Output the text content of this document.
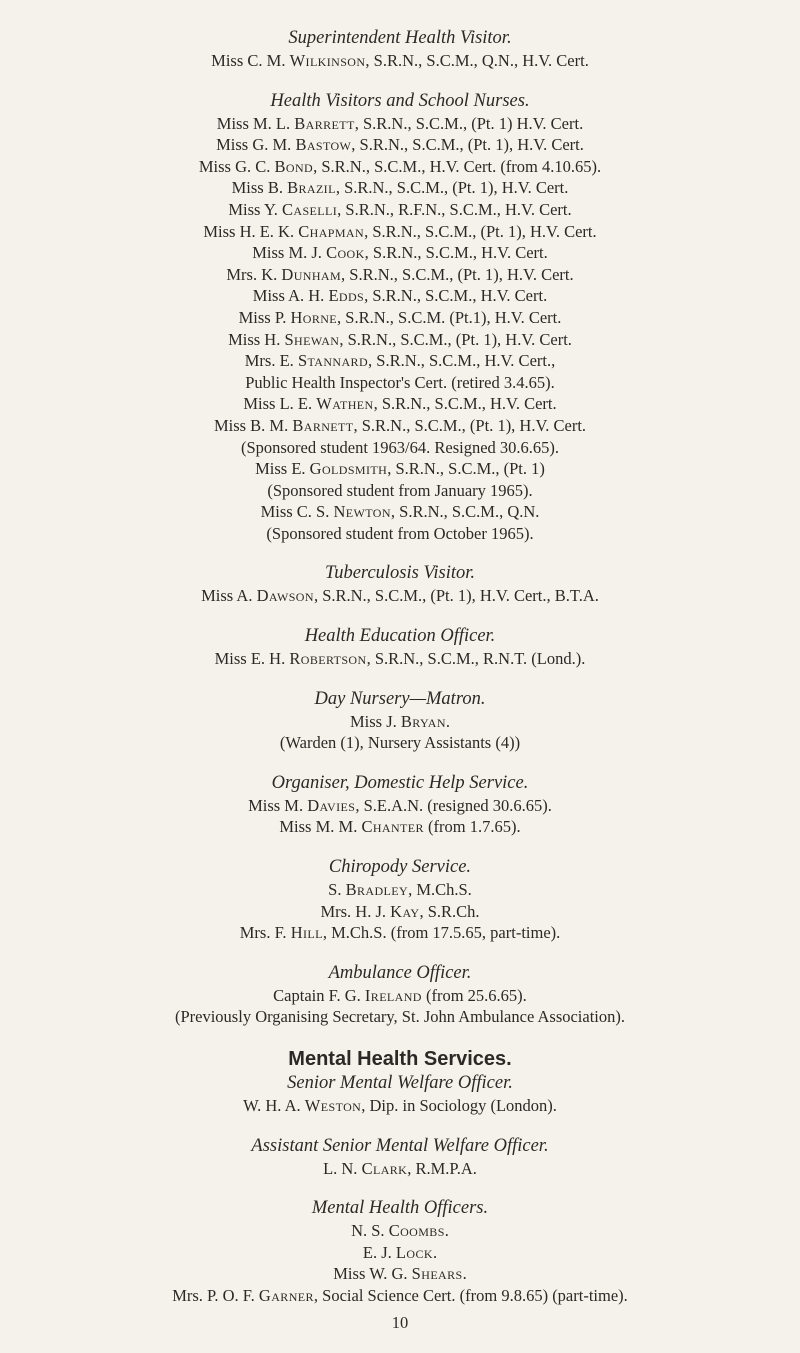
Superintendent Health Visitor.
Miss C. M. Wilkinson, S.R.N., S.C.M., Q.N., H.V. Cert.
Health Visitors and School Nurses.
Miss M. L. Barrett, S.R.N., S.C.M., (Pt. 1) H.V. Cert.
Miss G. M. Bastow, S.R.N., S.C.M., (Pt. 1), H.V. Cert.
Miss G. C. Bond, S.R.N., S.C.M., H.V. Cert. (from 4.10.65).
Miss B. Brazil, S.R.N., S.C.M., (Pt. 1), H.V. Cert.
Miss Y. Caselli, S.R.N., R.F.N., S.C.M., H.V. Cert.
Miss H. E. K. Chapman, S.R.N., S.C.M., (Pt. 1), H.V. Cert.
Miss M. J. Cook, S.R.N., S.C.M., H.V. Cert.
Mrs. K. Dunham, S.R.N., S.C.M., (Pt. 1), H.V. Cert.
Miss A. H. Edds, S.R.N., S.C.M., H.V. Cert.
Miss P. Horne, S.R.N., S.C.M. (Pt.1), H.V. Cert.
Miss H. Shewan, S.R.N., S.C.M., (Pt. 1), H.V. Cert.
Mrs. E. Stannard, S.R.N., S.C.M., H.V. Cert.,
Public Health Inspector's Cert. (retired 3.4.65).
Miss L. E. Wathen, S.R.N., S.C.M., H.V. Cert.
Miss B. M. Barnett, S.R.N., S.C.M., (Pt. 1), H.V. Cert.
(Sponsored student 1963/64. Resigned 30.6.65).
Miss E. Goldsmith, S.R.N., S.C.M., (Pt. 1)
(Sponsored student from January 1965).
Miss C. S. Newton, S.R.N., S.C.M., Q.N.
(Sponsored student from October 1965).
Tuberculosis Visitor.
Miss A. Dawson, S.R.N., S.C.M., (Pt. 1), H.V. Cert., B.T.A.
Health Education Officer.
Miss E. H. Robertson, S.R.N., S.C.M., R.N.T. (Lond.).
Day Nursery—Matron.
Miss J. Bryan.
(Warden (1), Nursery Assistants (4))
Organiser, Domestic Help Service.
Miss M. Davies, S.E.A.N. (resigned 30.6.65).
Miss M. M. Chanter (from 1.7.65).
Chiropody Service.
S. Bradley, M.Ch.S.
Mrs. H. J. Kay, S.R.Ch.
Mrs. F. Hill, M.Ch.S. (from 17.5.65, part-time).
Ambulance Officer.
Captain F. G. Ireland (from 25.6.65).
(Previously Organising Secretary, St. John Ambulance Association).
Mental Health Services.
Senior Mental Welfare Officer.
W. H. A. Weston, Dip. in Sociology (London).
Assistant Senior Mental Welfare Officer.
L. N. Clark, R.M.P.A.
Mental Health Officers.
N. S. Coombs.
E. J. Lock.
Miss W. G. Shears.
Mrs. P. O. F. Garner, Social Science Cert. (from 9.8.65) (part-time).
10
